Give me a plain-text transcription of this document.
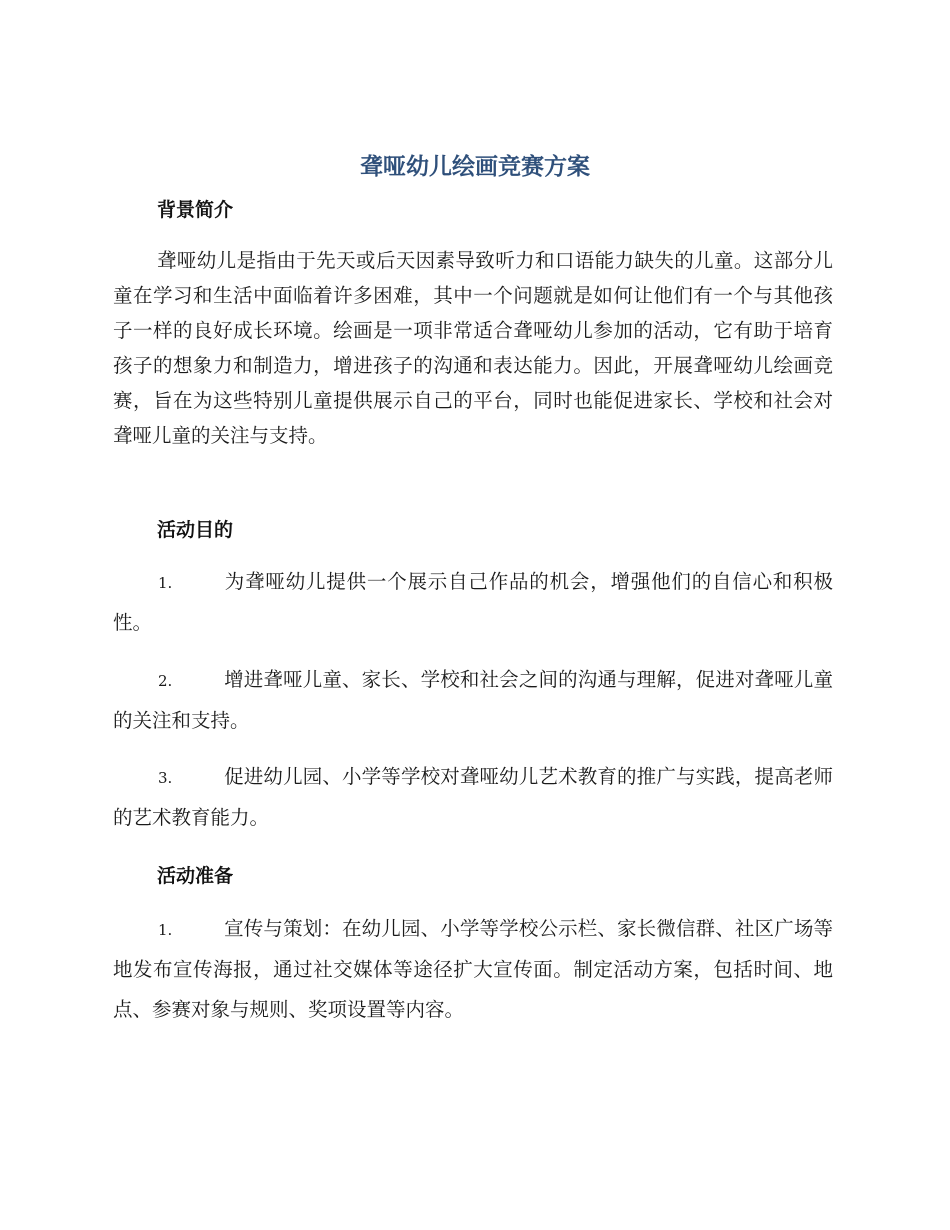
聋哑幼儿绘画竞赛方案
背景简介

聋哑幼儿是指由于先天或后天因素导致听力和口语能力缺失的儿童。这部分儿童在学习和生活中面临着许多困难，其中一个问题就是如何让他们有一个与其他孩子一样的良好成长环境。绘画是一项非常适合聋哑幼儿参加的活动，它有助于培育孩子的想象力和制造力，增进孩子的沟通和表达能力。因此，开展聋哑幼儿绘画竞赛，旨在为这些特别儿童提供展示自己的平台，同时也能促进家长、学校和社会对聋哑儿童的关注与支持。

活动目的

1.	为聋哑幼儿提供一个展示自己作品的机会，增强他们的自信心和积极性。

2.	增进聋哑儿童、家长、学校和社会之间的沟通与理解，促进对聋哑儿童的关注和支持。

3.	促进幼儿园、小学等学校对聋哑幼儿艺术教育的推广与实践，提高老师的艺术教育能力。

活动准备

1.	宣传与策划：在幼儿园、小学等学校公示栏、家长微信群、社区广场等地发布宣传海报，通过社交媒体等途径扩大宣传面。制定活动方案，包括时间、地点、参赛对象与规则、奖项设置等内容。
